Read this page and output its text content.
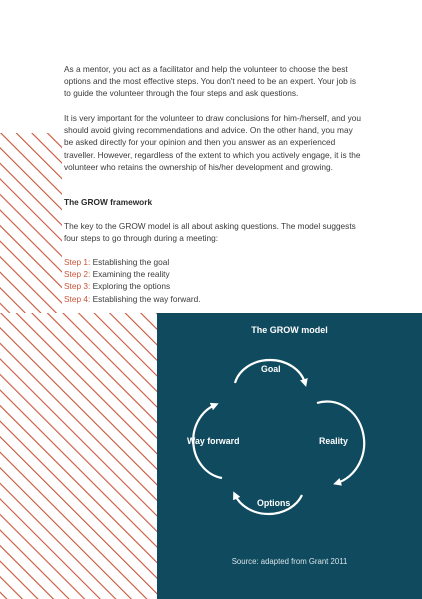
As a mentor, you act as a facilitator and help the volunteer to choose the best options and the most effective steps. You don't need to be an expert. Your job is to guide the volunteer through the four steps and ask questions.

It is very important for the volunteer to draw conclusions for him-/herself, and you should avoid giving recommendations and advice. On the other hand, you may be asked directly for your opinion and then you answer as an experienced traveller. However, regardless of the extent to which you actively engage, it is the volunteer who retains the ownership of his/her development and growing.

The GROW framework

The key to the GROW model is all about asking questions. The model suggests four steps to go through during a meeting:

Step 1: Establishing the goal
Step 2: Examining the reality
Step 3: Exploring the options
Step 4: Establishing the way forward.
The GROW model
Goal
Way forward	Reality
Options
Source: adapted from Grant 2011
